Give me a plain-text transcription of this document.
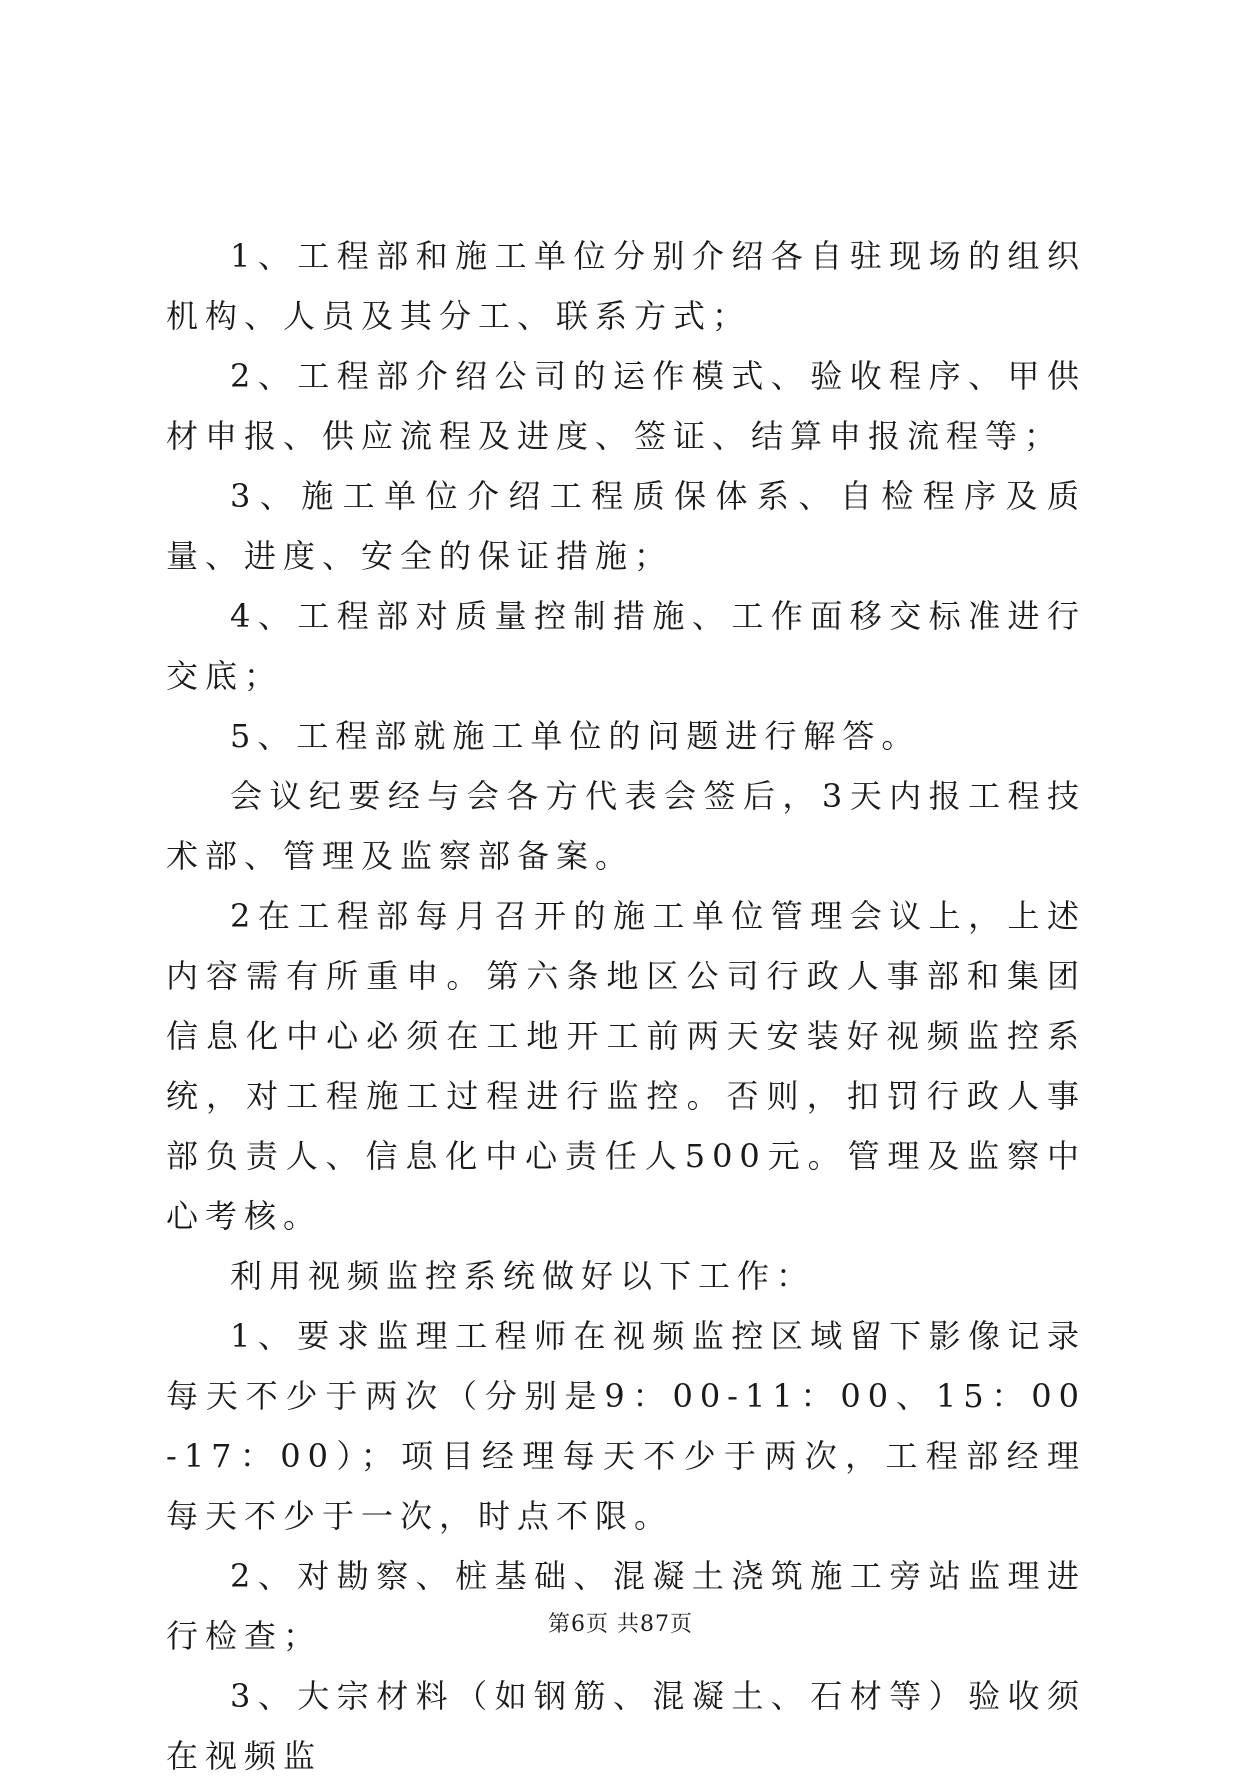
1、工程部和施工单位分别介绍各自驻现场的组织机构、人员及其分工、联系方式；

2、工程部介绍公司的运作模式、验收程序、甲供材申报、供应流程及进度、签证、结算申报流程等；

3、施工单位介绍工程质保体系、自检程序及质量、进度、安全的保证措施；

4、工程部对质量控制措施、工作面移交标准进行交底；

5、工程部就施工单位的问题进行解答。

会议纪要经与会各方代表会签后，3天内报工程技术部、管理及监察部备案。

2在工程部每月召开的施工单位管理会议上，上述内容需有所重申。第六条地区公司行政人事部和集团信息化中心必须在工地开工前两天安装好视频监控系统，对工程施工过程进行监控。否则，扣罚行政人事部负责人、信息化中心责任人500元。管理及监察中心考核。

利用视频监控系统做好以下工作：

1、要求监理工程师在视频监控区域留下影像记录每天不少于两次（分别是9：00-11：00、15：00-17：00）；项目经理每天不少于两次，工程部经理每天不少于一次，时点不限。

2、对勘察、桩基础、混凝土浇筑施工旁站监理进行检查；

3、大宗材料（如钢筋、混凝土、石材等）验收须在视频监

第6页 共87页
